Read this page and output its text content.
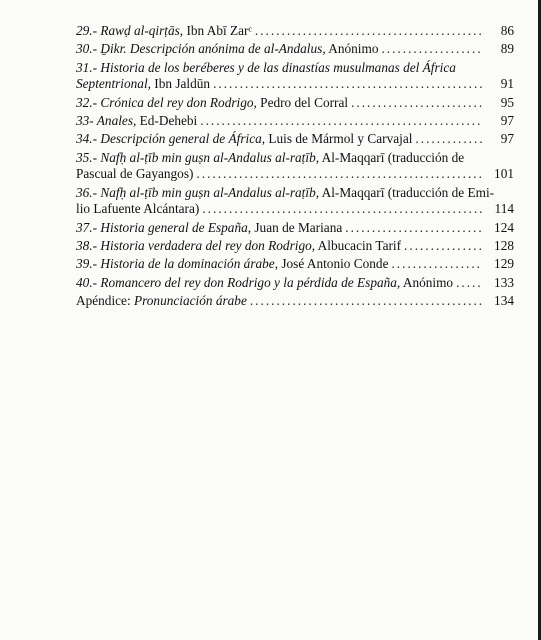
29.- Rawḍ al-qirṭās, Ibn Abī Zarᶜ .....	86
30.- Ḏikr. Descripción anónima de al-Andalus, Anónimo .....	89
31.- Historia de los beréberes y de las dinastías musulmanas del África
Septentrional, Ibn Jaldūn .....	91
32.- Crónica del rey don Rodrigo, Pedro del Corral .....	95
33- Anales, Ed-Dehebi .....	97
34.- Descripción general de África, Luis de Mármol y Carvajal .....	97
35.- Nafḥ al-ṭīb min guṣn al-Andalus al-raṭīb, Al-Maqqarī (traducción de
Pascual de Gayangos) .....	101
36.- Nafḥ al-ṭīb min guṣn al-Andalus al-raṭīb, Al-Maqqarī (traducción de Emi-
lio Lafuente Alcántara) .....	114
37.- Historia general de España, Juan de Mariana .....	124
38.- Historia verdadera del rey don Rodrigo, Albucacin Tarif .....	128
39.- Historia de la dominación árabe, José Antonio Conde .....	129
40.- Romancero del rey don Rodrigo y la pérdida de España, Anónimo .....	133
Apéndice: Pronunciación árabe .....	134
